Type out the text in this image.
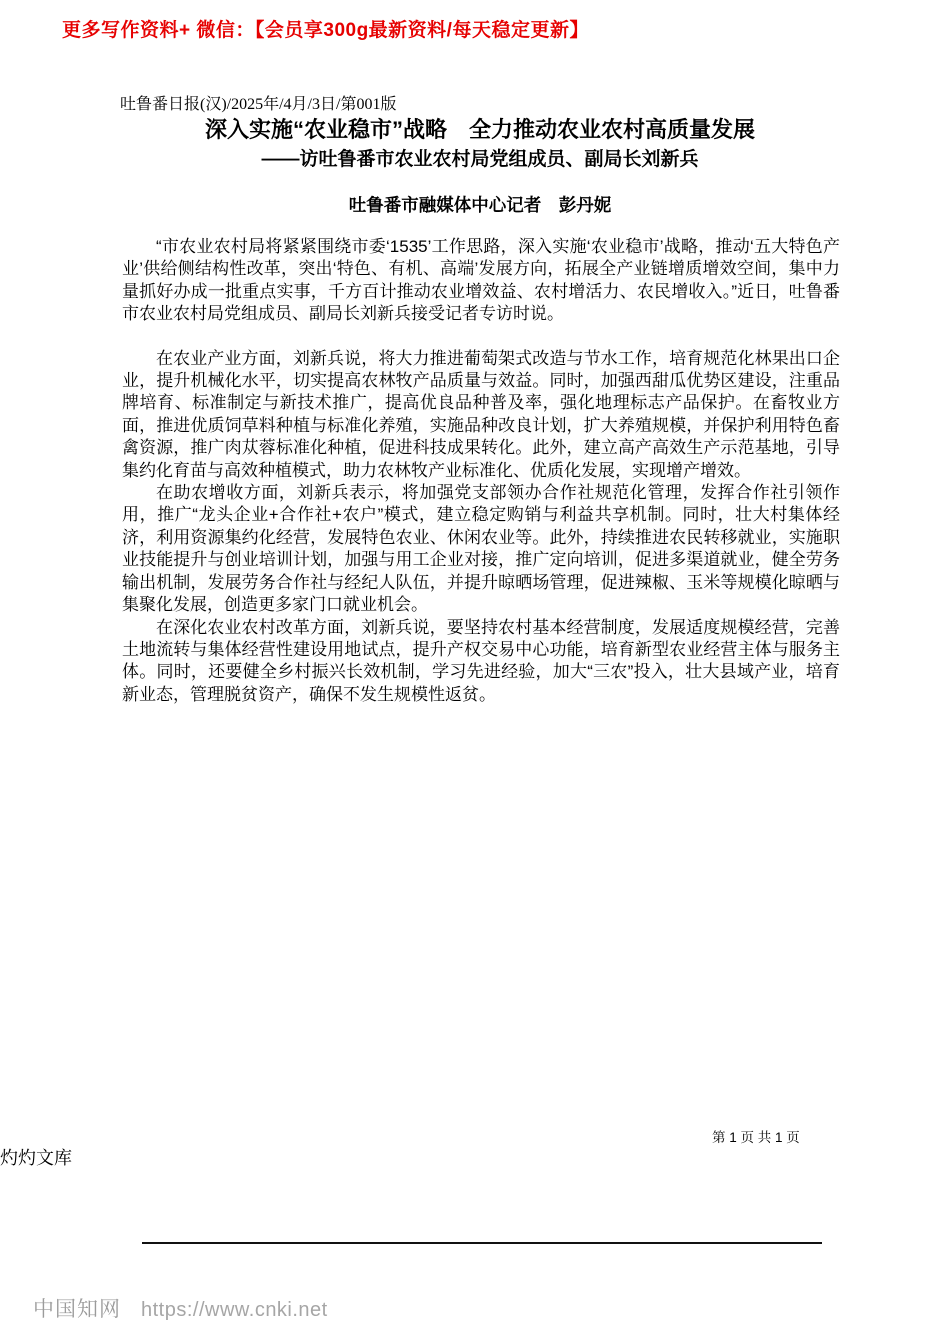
更多写作资料+ 微信：【会员享300g最新资料/每天稳定更新】
吐鲁番日报(汉)/2025年/4月/3日/第001版
深入实施“农业稳市”战略　全力推动农业农村高质量发展
——访吐鲁番市农业农村局党组成员、副局长刘新兵
吐鲁番市融媒体中心记者　彭丹妮

“市农业农村局将紧紧围绕市委‘1535’工作思路，深入实施‘农业稳市’战略，推动‘五大特色产业’供给侧结构性改革，突出‘特色、有机、高端’发展方向，拓展全产业链增质增效空间，集中力量抓好办成一批重点实事，千方百计推动农业增效益、农村增活力、农民增收入。”近日，吐鲁番市农业农村局党组成员、副局长刘新兵接受记者专访时说。

在农业产业方面，刘新兵说，将大力推进葡萄架式改造与节水工作，培育规范化林果出口企业，提升机械化水平，切实提高农林牧产品质量与效益。同时，加强西甜瓜优势区建设，注重品牌培育、标准制定与新技术推广，提高优良品种普及率，强化地理标志产品保护。在畜牧业方面，推进优质饲草料种植与标准化养殖，实施品种改良计划，扩大养殖规模，并保护利用特色畜禽资源，推广肉苁蓉标准化种植，促进科技成果转化。此外，建立高产高效生产示范基地，引导集约化育苗与高效种植模式，助力农林牧产业标准化、优质化发展，实现增产增效。

在助农增收方面，刘新兵表示，将加强党支部领办合作社规范化管理，发挥合作社引领作用，推广“龙头企业+合作社+农户”模式，建立稳定购销与利益共享机制。同时，壮大村集体经济，利用资源集约化经营，发展特色农业、休闲农业等。此外，持续推进农民转移就业，实施职业技能提升与创业培训计划，加强与用工企业对接，推广定向培训，促进多渠道就业，健全劳务输出机制，发展劳务合作社与经纪人队伍，并提升晾晒场管理，促进辣椒、玉米等规模化晾晒与集聚化发展，创造更多家门口就业机会。

在深化农业农村改革方面，刘新兵说，要坚持农村基本经营制度，发展适度规模经营，完善土地流转与集体经营性建设用地试点，提升产权交易中心功能，培育新型农业经营主体与服务主体。同时，还要健全乡村振兴长效机制，学习先进经验，加大“三农”投入，壮大县域产业，培育新业态，管理脱贫资产，确保不发生规模性返贫。

第 1 页 共 1 页
灼灼文库
中国知网 https://www.cnki.net
